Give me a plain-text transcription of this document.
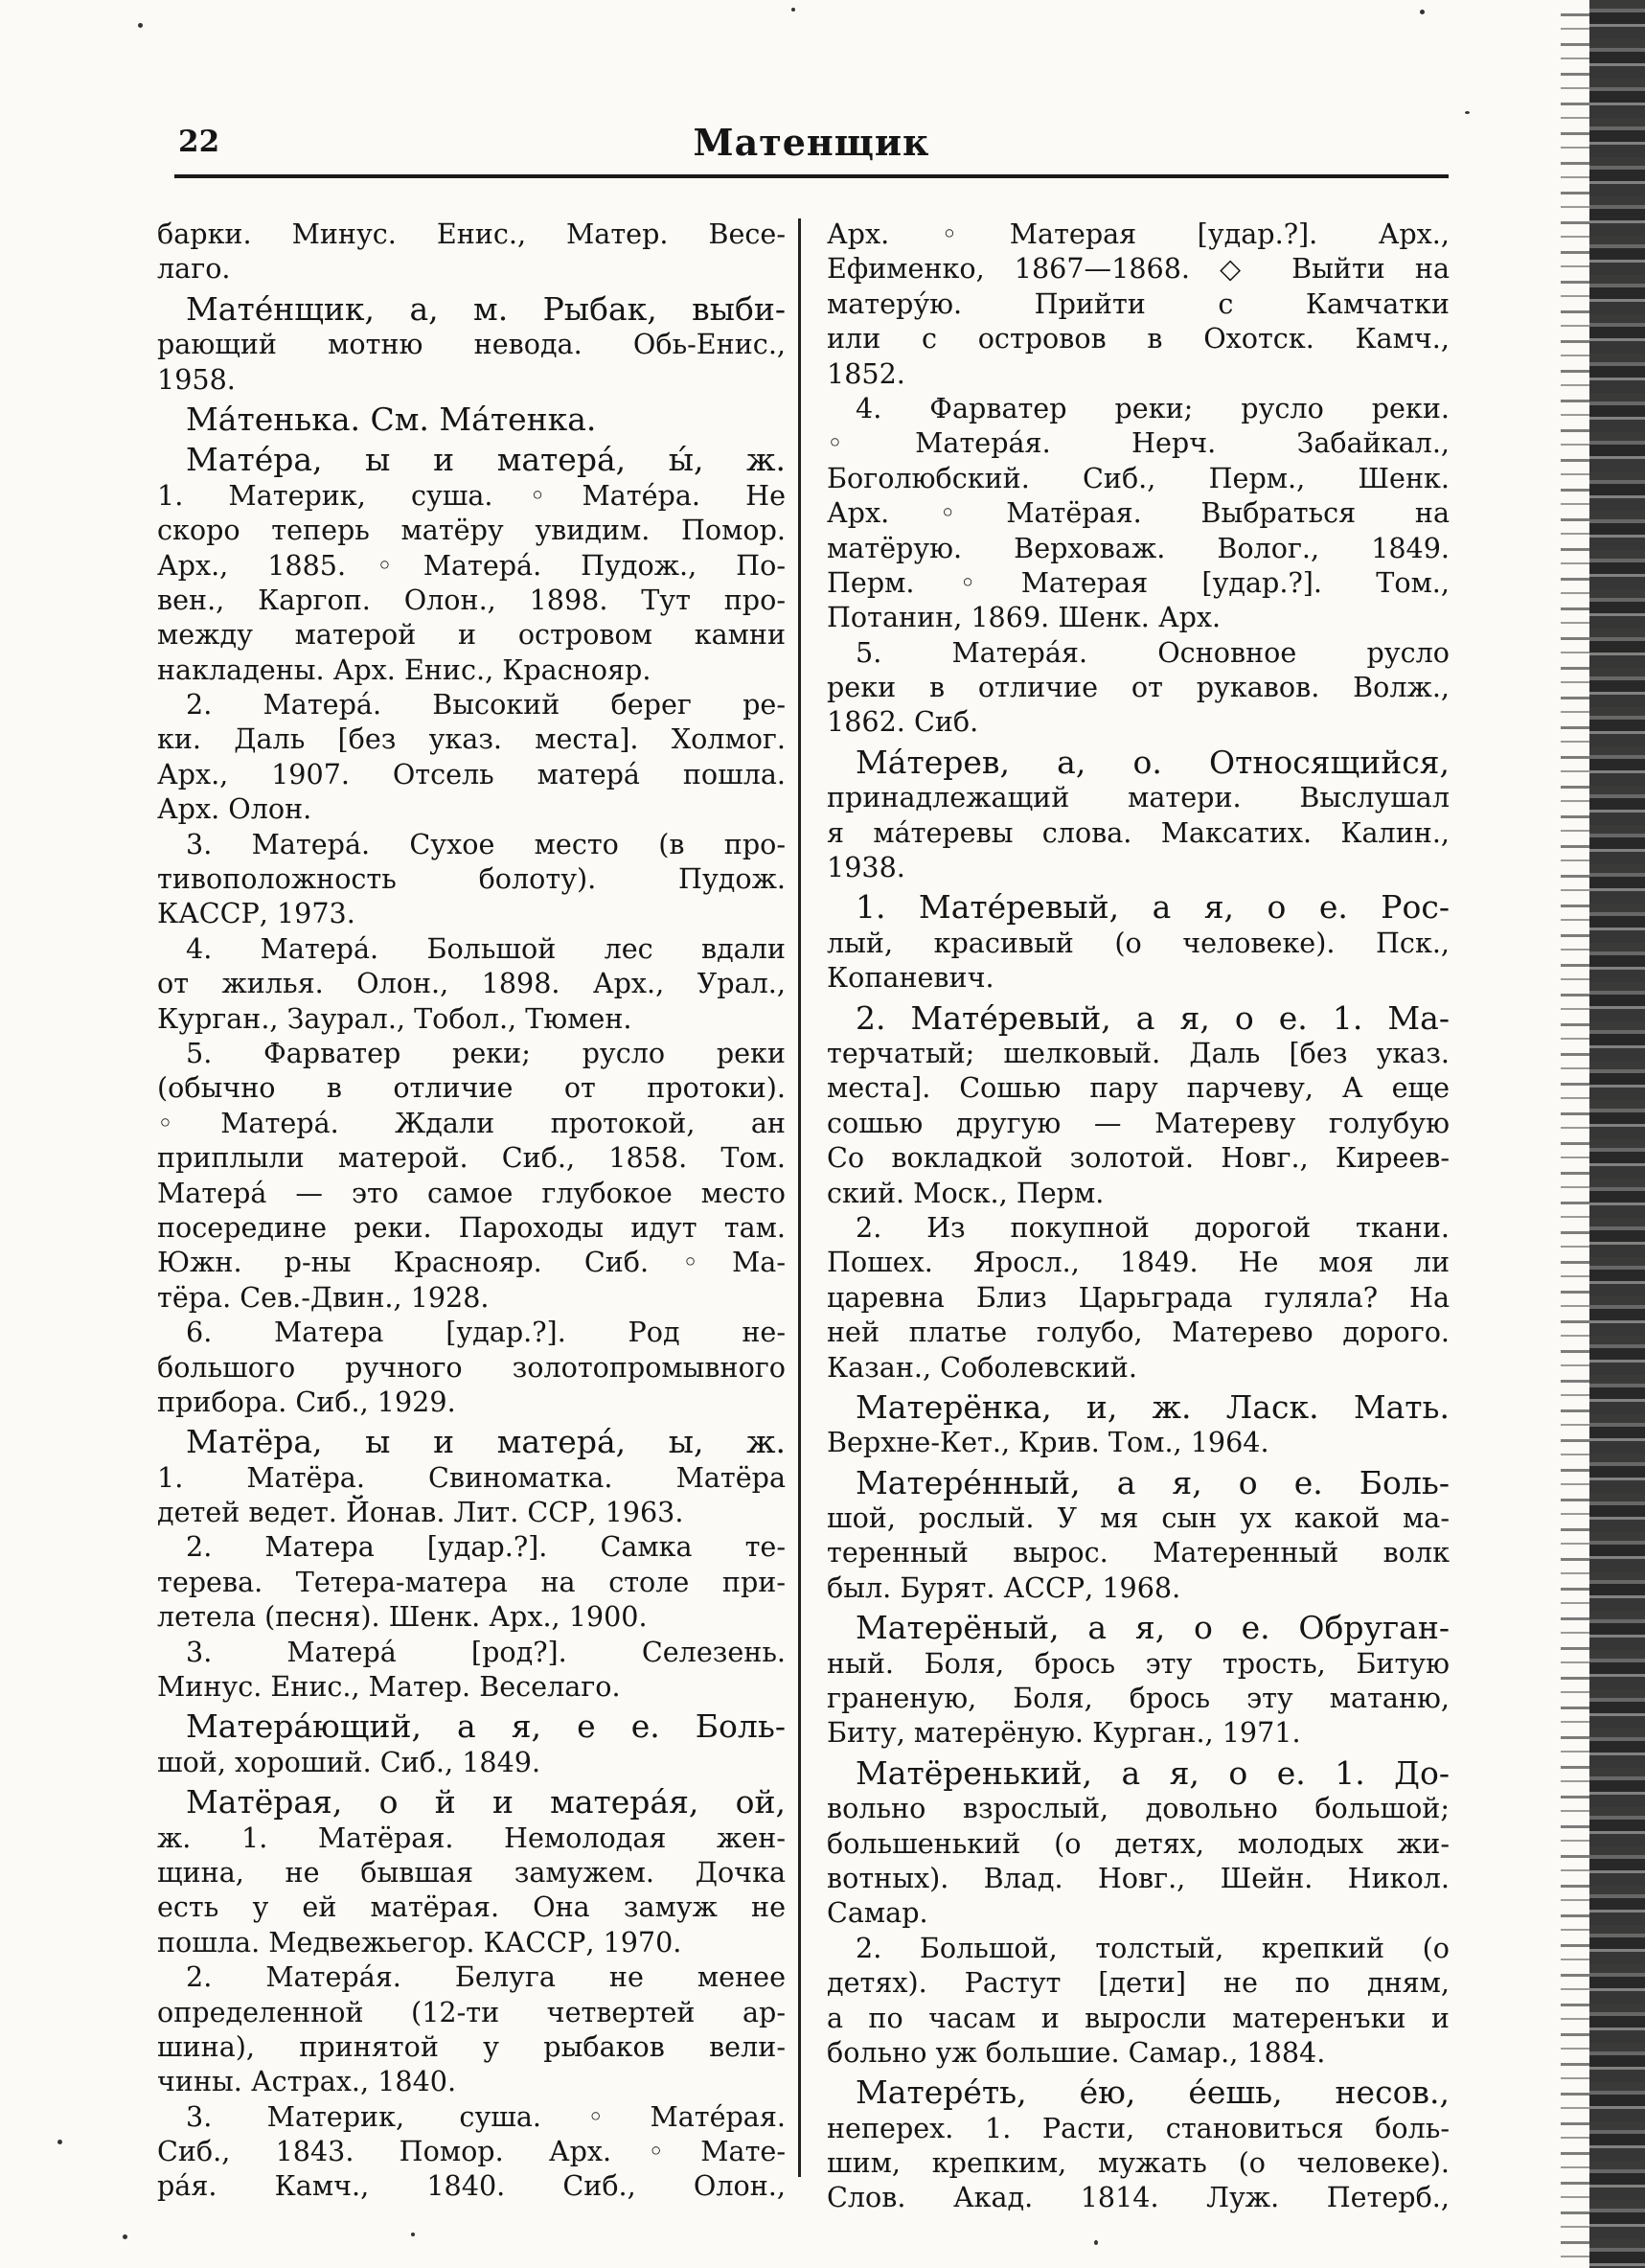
22	Матенщик
барки. Минус. Енис., Матер. Весе-
лаго.
Мате́нщик, а, м. Рыбак, выби-
рающий мотню невода. Обь-Енис.,
1958.
Ма́тенька. См. Ма́тенка.
Мате́ра, ы и матера́, ы́, ж.
1. Материк, суша.◦Мате́ра. Не
скоро теперь матёру увидим. Помор.
Арх., 1885.◦Матера́. Пудож., По-
вен., Каргоп. Олон., 1898. Тут про-
между матерой и островом камни
накладены. Арх. Енис., Краснояр.
2. Матера́. Высокий берег ре-
ки. Даль [без указ. места]. Холмог.
Арх., 1907. Отсель матера́ пошла.
Арх. Олон.
3. Матера́. Сухое место (в про-
тивоположность болоту). Пудож.
КАССР, 1973.
4. Матера́. Большой лес вдали
от жилья. Олон., 1898. Арх., Урал.,
Курган., Заурал., Тобол., Тюмен.
5. Фарватер реки; русло реки
(обычно в отличие от протоки).
◦Матера́. Ждали протокой, ан
приплыли матерой. Сиб., 1858. Том.
Матера́ — это самое глубокое место
посередине реки. Пароходы идут там.
Южн. р-ны Краснояр. Сиб.◦Ма-
тёра. Сев.-Двин., 1928.
6. Матера [удар.?]. Род не-
большого ручного золотопромывного
прибора. Сиб., 1929.
Матёра, ы и матера́, ы, ж.
1. Матёра. Свиноматка. Матёра
детей ведет. Йонав. Лит. ССР, 1963.
2. Матера [удар.?]. Самка те-
терева. Тетера-матера на столе при-
летела (песня). Шенк. Арх., 1900.
3. Матера́ [род?]. Селезень.
Минус. Енис., Матер. Веселаго.
Матера́ющий, а я, е е. Боль-
шой, хороший. Сиб., 1849.
Матёрая, о й и матера́я, ой,
ж. 1. Матёрая. Немолодая жен-
щина, не бывшая замужем. Дочка
есть у ей матёрая. Она замуж не
пошла. Медвежьегор. КАССР, 1970.
2. Матера́я. Белуга не менее
определенной (12-ти четвертей ар-
шина), принятой у рыбаков вели-
чины. Астрах., 1840.
3. Материк, суша.◦Мате́рая.
Сиб., 1843. Помор. Арх.◦Мате-
ра́я. Камч., 1840. Сиб., Олон.,
Арх.◦Матерая [удар.?]. Арх.,
Ефименко, 1867—1868. ◇ Выйти на
матеру́ю. Прийти с Камчатки
или с островов в Охотск. Камч.,
1852.
4. Фарватер реки; русло реки.
◦Матера́я. Нерч. Забайкал.,
Боголюбский. Сиб., Перм., Шенк.
Арх.◦Матёрая. Выбраться на
матёрую. Верховаж. Волог., 1849.
Перм.◦Матерая [удар.?]. Том.,
Потанин, 1869. Шенк. Арх.
5. Матера́я. Основное русло
реки в отличие от рукавов. Волж.,
1862. Сиб.
Ма́терев, а, о. Относящийся,
принадлежащий матери. Выслушал
я ма́теревы слова. Максатих. Калин.,
1938.
1. Мате́ревый, а я, о е. Рос-
лый, красивый (о человеке). Пск.,
Копаневич.
2. Мате́ревый, а я, о е. 1. Ма-
терчатый; шелковый. Даль [без указ.
места]. Сошью пару парчеву, А еще
сошью другую — Матереву голубую
Со вокладкой золотой. Новг., Киреев-
ский. Моск., Перм.
2. Из покупной дорогой ткани.
Пошех. Яросл., 1849. Не моя ли
царевна Близ Царьграда гуляла? На
ней платье голубо, Матерево дорого.
Казан., Соболевский.
Матерёнка, и, ж. Ласк. Мать.
Верхне-Кет., Крив. Том., 1964.
Матере́нный, а я, о е. Боль-
шой, рослый. У мя сын ух какой ма-
теренный вырос. Матеренный волк
был. Бурят. АССР, 1968.
Матерёный, а я, о е. Обруган-
ный. Боля, брось эту трость, Битую
граненую, Боля, брось эту матаню,
Биту, матерёную. Курган., 1971.
Матёренький, а я, о е. 1. До-
вольно взрослый, довольно большой;
большенький (о детях, молодых жи-
вотных). Влад. Новг., Шейн. Никол.
Самар.
2. Большой, толстый, крепкий (о
детях). Растут [дети] не по дням,
а по часам и выросли матеренъки и
больно уж большие. Самар., 1884.
Матере́ть, е́ю, е́ешь, несов.,
неперех. 1. Расти, становиться боль-
шим, крепким, мужать (о человеке).
Слов. Акад. 1814. Луж. Петерб.,
